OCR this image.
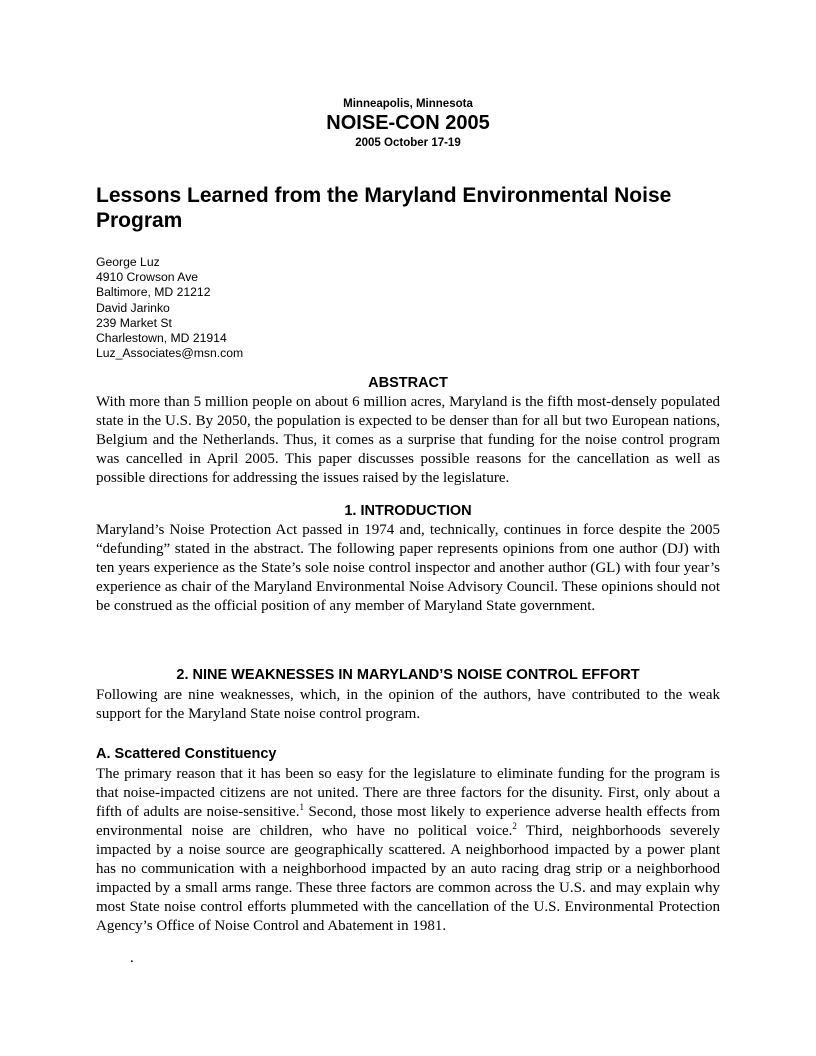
Minneapolis, Minnesota
NOISE-CON 2005
2005 October 17-19
Lessons Learned from the Maryland Environmental Noise Program
George Luz
4910 Crowson Ave
Baltimore, MD 21212
David Jarinko
239 Market St
Charlestown, MD 21914
Luz_Associates@msn.com
ABSTRACT

With more than 5 million people on about 6 million acres, Maryland is the fifth most-densely populated state in the U.S. By 2050, the population is expected to be denser than for all but two European nations, Belgium and the Netherlands. Thus, it comes as a surprise that funding for the noise control program was cancelled in April 2005. This paper discusses possible reasons for the cancellation as well as possible directions for addressing the issues raised by the legislature.

1. INTRODUCTION

Maryland’s Noise Protection Act passed in 1974 and, technically, continues in force despite the 2005 “defunding” stated in the abstract. The following paper represents opinions from one author (DJ) with ten years experience as the State’s sole noise control inspector and another author (GL) with four year’s experience as chair of the Maryland Environmental Noise Advisory Council. These opinions should not be construed as the official position of any member of Maryland State government.

2. NINE WEAKNESSES IN MARYLAND’S NOISE CONTROL EFFORT

Following are nine weaknesses, which, in the opinion of the authors, have contributed to the weak support for the Maryland State noise control program.

A. Scattered Constituency

The primary reason that it has been so easy for the legislature to eliminate funding for the program is that noise-impacted citizens are not united. There are three factors for the disunity. First, only about a fifth of adults are noise-sensitive.$^1$ Second, those most likely to experience adverse health effects from environmental noise are children, who have no political voice.$^2$ Third, neighborhoods severely impacted by a noise source are geographically scattered. A neighborhood impacted by a power plant has no communication with a neighborhood impacted by an auto racing drag strip or a neighborhood impacted by a small arms range. These three factors are common across the U.S. and may explain why most State noise control efforts plummeted with the cancellation of the U.S. Environmental Protection Agency’s Office of Noise Control and Abatement in 1981.

.
